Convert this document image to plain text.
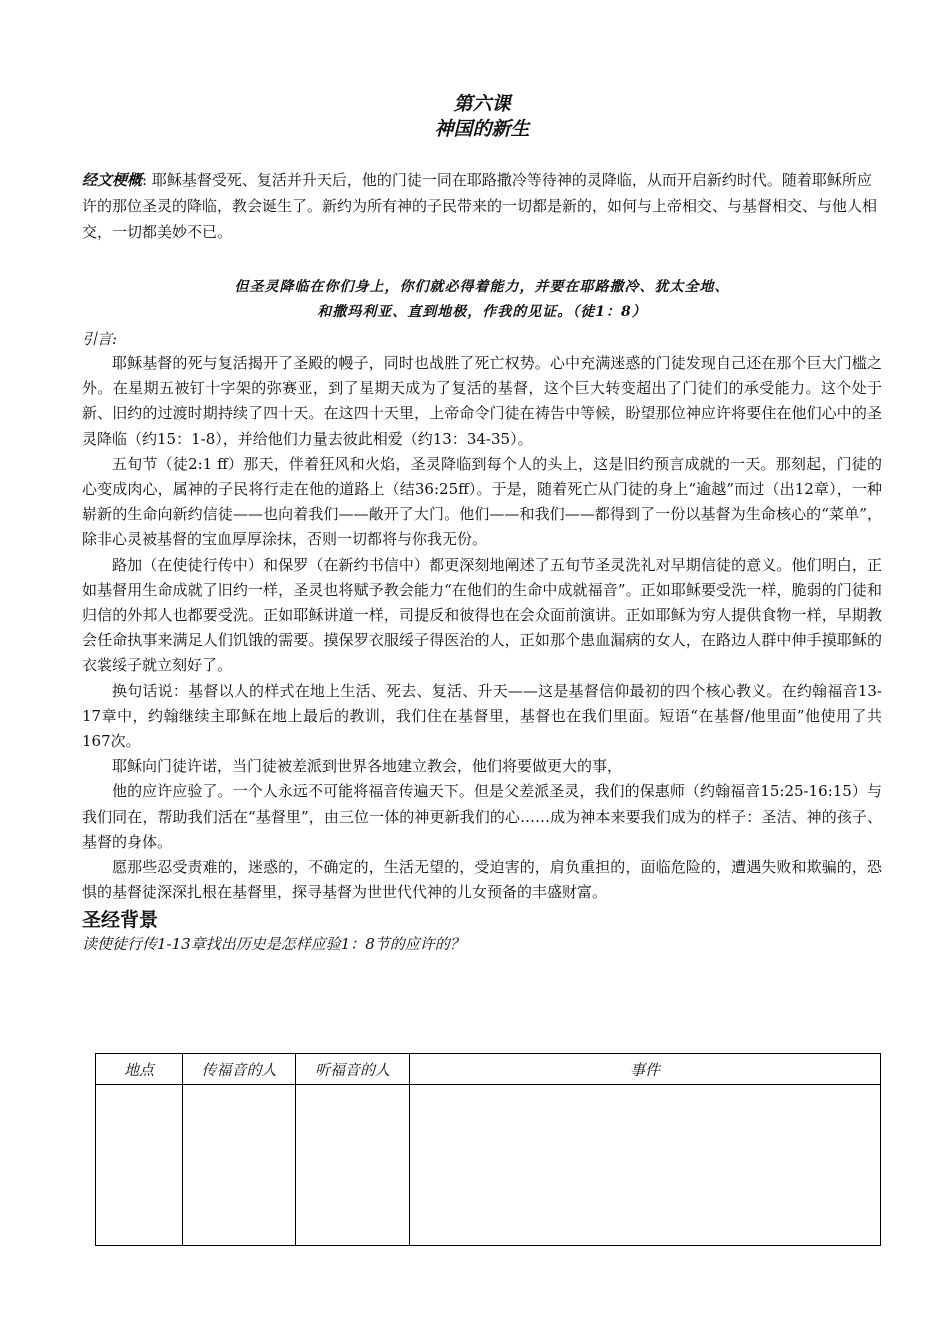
第六课
神国的新生
经文梗概: 耶稣基督受死、复活并升天后，他的门徒一同在耶路撒冷等待神的灵降临，从而开启新约时代。随着耶稣所应许的那位圣灵的降临，教会诞生了。新约为所有神的子民带来的一切都是新的，如何与上帝相交、与基督相交、与他人相交，一切都美妙不已。
但圣灵降临在你们身上，你们就必得着能力，并要在耶路撒冷、犹太全地、
和撒玛利亚、直到地极，作我的见证。（徒1：8）
引言:

耶稣基督的死与复活揭开了圣殿的幔子，同时也战胜了死亡权势。心中充满迷惑的门徒发现自己还在那个巨大门槛之外。在星期五被钉十字架的弥赛亚，到了星期天成为了复活的基督，这个巨大转变超出了门徒们的承受能力。这个处于新、旧约的过渡时期持续了四十天。在这四十天里，上帝命令门徒在祷告中等候，盼望那位神应许将要住在他们心中的圣灵降临（约15：1-8），并给他们力量去彼此相爱（约13：34-35）。

五旬节（徒2:1 ff）那天，伴着狂风和火焰，圣灵降临到每个人的头上，这是旧约预言成就的一天。那刻起，门徒的心变成肉心，属神的子民将行走在他的道路上（结36:25ff）。于是，随着死亡从门徒的身上“逾越”而过（出12章），一种崭新的生命向新约信徒——也向着我们——敞开了大门。他们——和我们——都得到了一份以基督为生命核心的“菜单”，除非心灵被基督的宝血厚厚涂抹，否则一切都将与你我无份。

路加（在使徒行传中）和保罗（在新约书信中）都更深刻地阐述了五旬节圣灵洗礼对早期信徒的意义。他们明白，正如基督用生命成就了旧约一样，圣灵也将赋予教会能力“在他们的生命中成就福音”。正如耶稣要受洗一样，脆弱的门徒和归信的外邦人也都要受洗。正如耶稣讲道一样，司提反和彼得也在会众面前演讲。正如耶稣为穷人提供食物一样，早期教会任命执事来满足人们饥饿的需要。摸保罗衣服绥子得医治的人，正如那个患血漏病的女人，在路边人群中伸手摸耶稣的衣裳绥子就立刻好了。

换句话说：基督以人的样式在地上生活、死去、复活、升天——这是基督信仰最初的四个核心教义。在约翰福音13-17章中，约翰继续主耶稣在地上最后的教训，我们住在基督里，基督也在我们里面。短语“在基督/他里面”他使用了共167次。

耶稣向门徒许诺，当门徒被差派到世界各地建立教会，他们将要做更大的事，

他的应许应验了。一个人永远不可能将福音传遍天下。但是父差派圣灵，我们的保惠师（约翰福音15:25-16:15）与我们同在，帮助我们活在“基督里”，由三位一体的神更新我们的心……成为神本来要我们成为的样子：圣洁、神的孩子、基督的身体。

愿那些忍受责难的，迷惑的，不确定的，生活无望的，受迫害的，肩负重担的，面临危险的，遭遇失败和欺骗的，恐惧的基督徒深深扎根在基督里，探寻基督为世世代代神的儿女预备的丰盛财富。

圣经背景
读使徒行传1-13章找出历史是怎样应验1：8节的应许的？
地点	传福音的人	听福音的人	事件
